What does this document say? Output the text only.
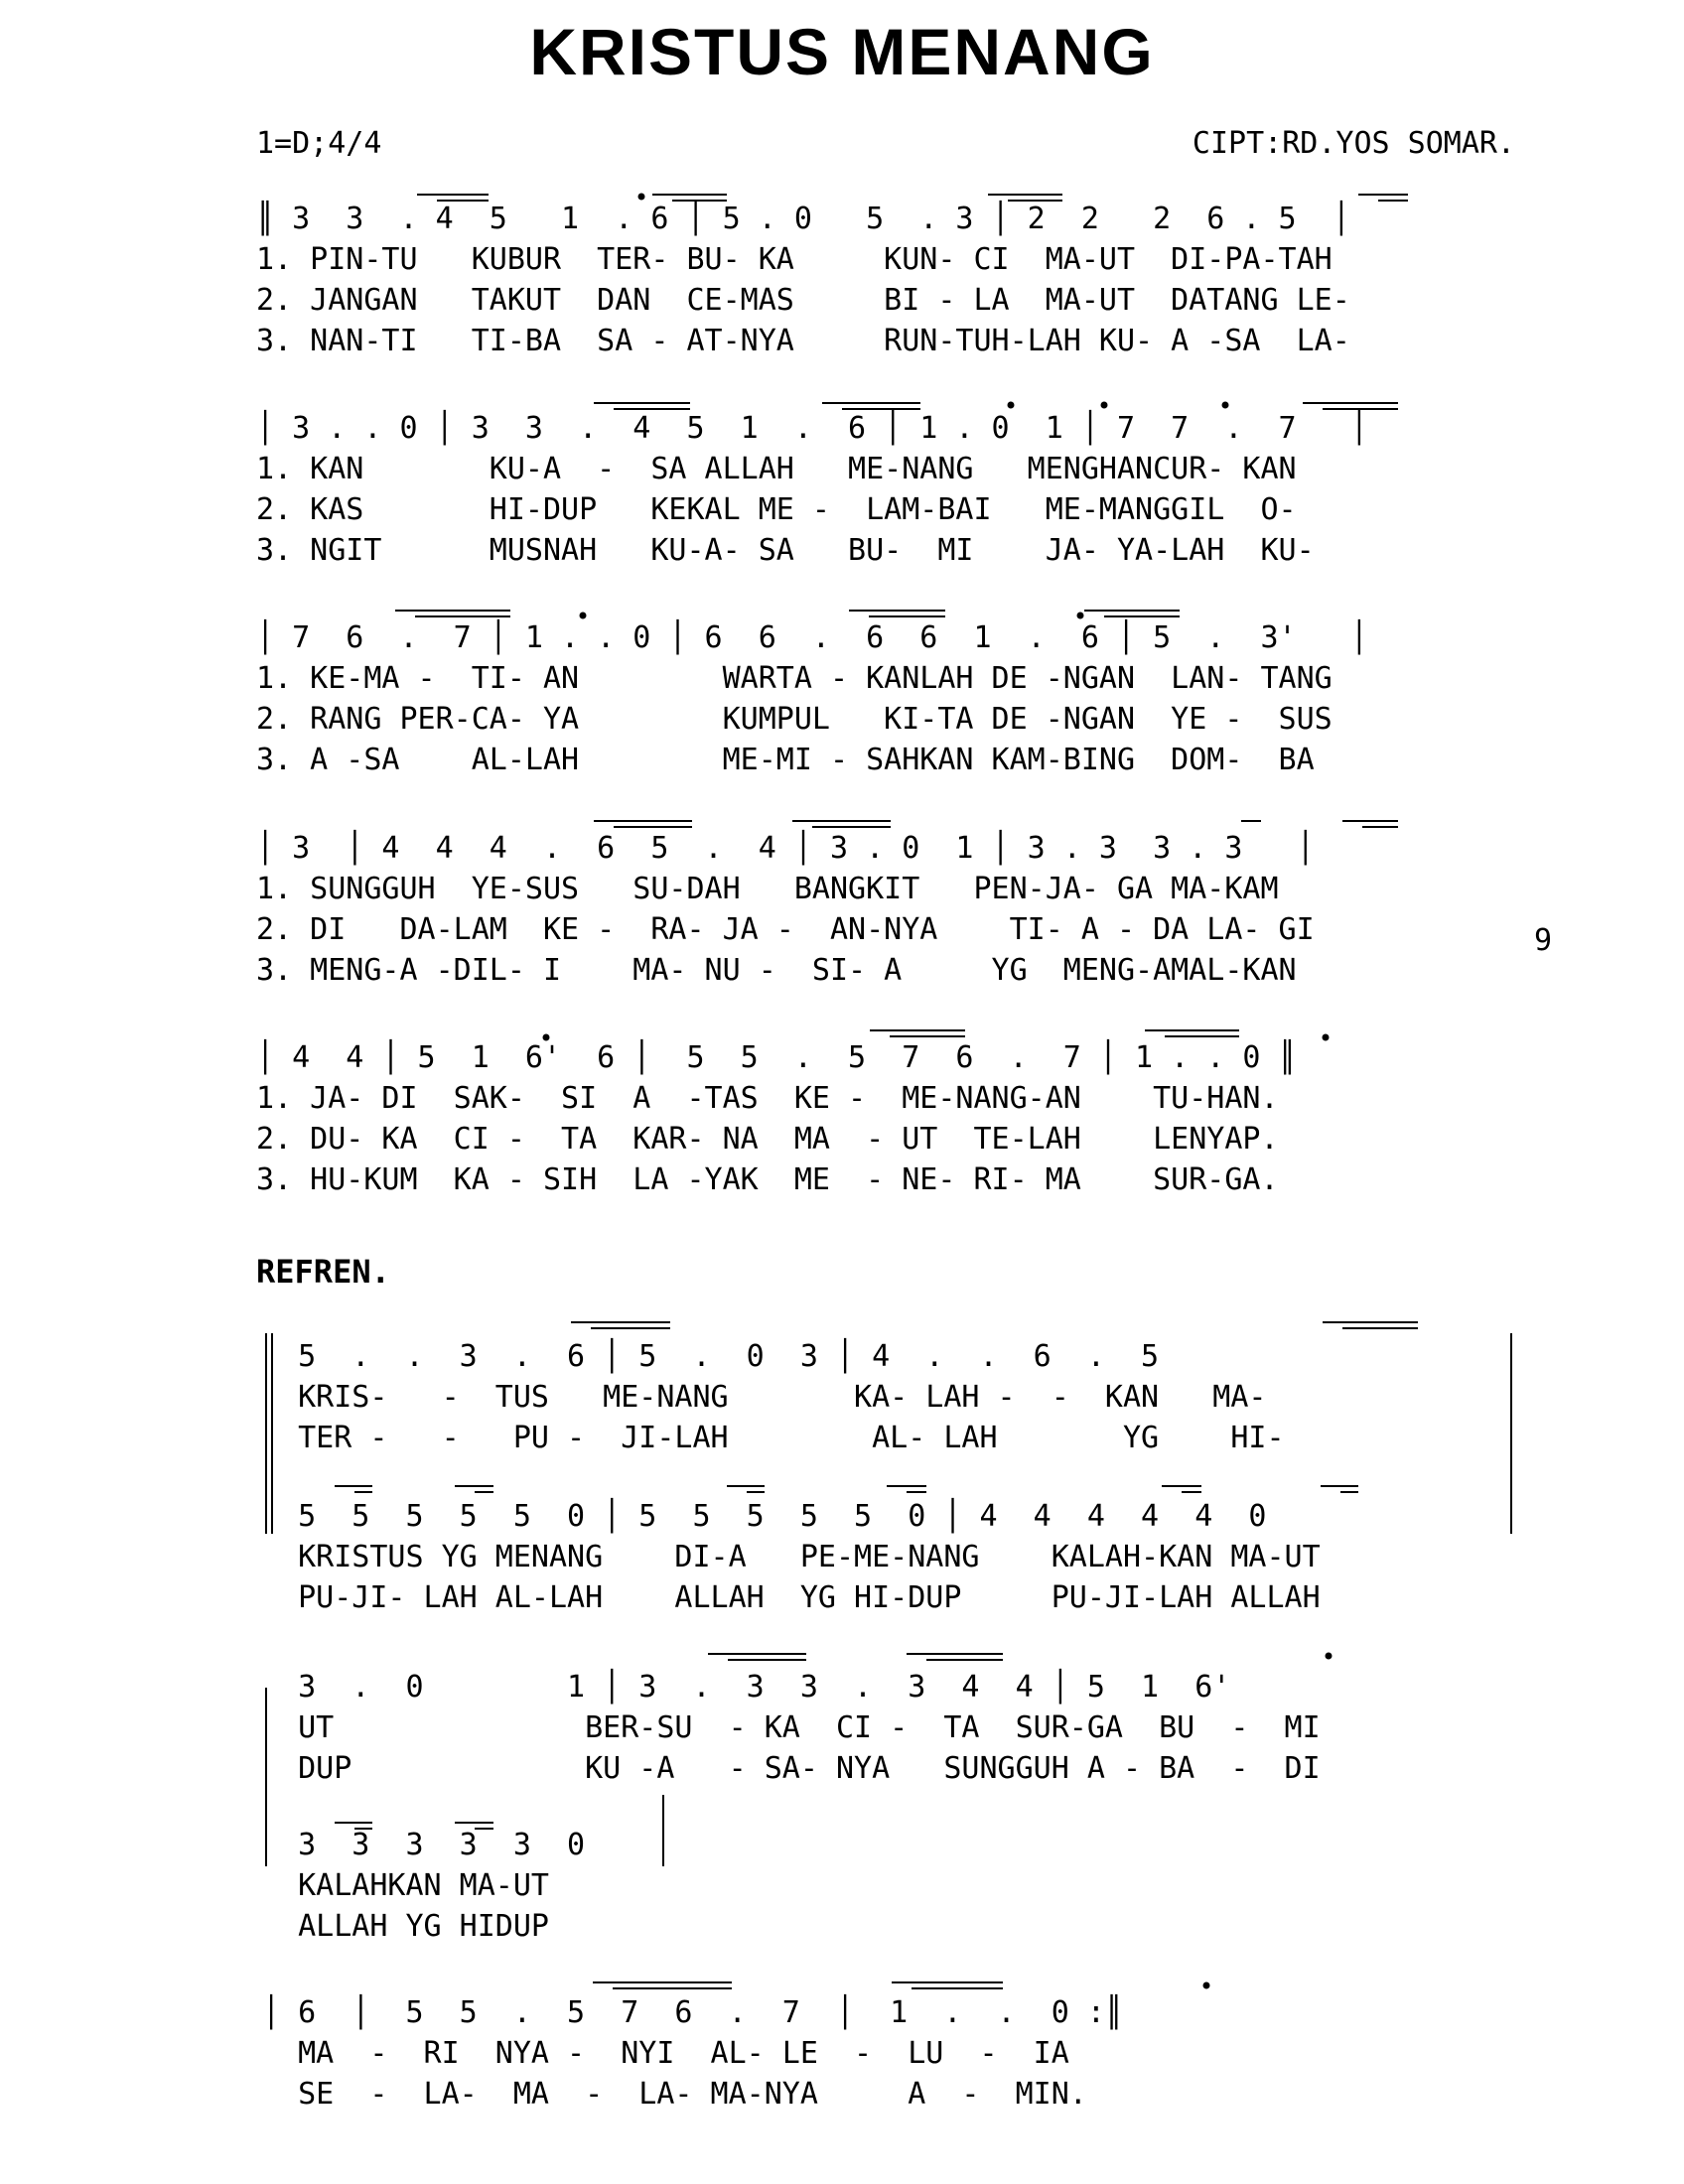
KRISTUS MENANG
1=D;4/4	CIPT:RD.YOS SOMAR.
REFREN.
9
║ 3  3  . 4  5   1  . 6 │ 5 . 0   5  . 3 │ 2  2   2  6 . 5  │
1. PIN-TU   KUBUR  TER- BU- KA     KUN- CI  MA-UT  DI-PA-TAH
2. JANGAN   TAKUT  DAN  CE-MAS     BI - LA  MA-UT  DATANG LE-
3. NAN-TI   TI-BA  SA - AT-NYA     RUN-TUH-LAH KU- A -SA  LA-
│ 3 . . 0 │ 3  3  .  4  5  1  .  6 │ 1 . 0  1 │ 7  7  .  7   │
1. KAN       KU-A  -  SA ALLAH   ME-NANG   MENGHANCUR- KAN
2. KAS       HI-DUP   KEKAL ME -  LAM-BAI   ME-MANGGIL  O-
3. NGIT      MUSNAH   KU-A- SA   BU-  MI    JA- YA-LAH  KU-
│ 7  6  .  7 │ 1 . . 0 │ 6  6  .  6  6  1  .  6 │ 5  .  3'   │
1. KE-MA -  TI- AN        WARTA - KANLAH DE -NGAN  LAN- TANG
2. RANG PER-CA- YA        KUMPUL   KI-TA DE -NGAN  YE -  SUS
3. A -SA    AL-LAH        ME-MI - SAHKAN KAM-BING  DOM-  BA
│ 3  │ 4  4  4  .  6  5  .  4 │ 3 . 0  1 │ 3 . 3  3 . 3   │
1. SUNGGUH  YE-SUS   SU-DAH   BANGKIT   PEN-JA- GA MA-KAM
2. DI   DA-LAM  KE -  RA- JA -  AN-NYA    TI- A - DA LA- GI
3. MENG-A -DIL- I    MA- NU -  SI- A     YG  MENG-AMAL-KAN
│ 4  4 │ 5  1  6'  6 │  5  5  .  5  7  6  .  7 │ 1 . . 0 ║
1. JA- DI  SAK-  SI  A  -TAS  KE -  ME-NANG-AN    TU-HAN.
2. DU- KA  CI -  TA  KAR- NA  MA  - UT  TE-LAH    LENYAP.
3. HU-KUM  KA - SIH  LA -YAK  ME  - NE- RI- MA    SUR-GA.
5  .  .  3  .  6 │ 5  .  0  3 │ 4  .  .  6  .  5
KRIS-   -  TUS   ME-NANG       KA- LAH -  -  KAN   MA-
TER -   -   PU -  JI-LAH        AL- LAH       YG    HI-
5  5  5  5  5  0 │ 5  5  5  5  5  0 │ 4  4  4  4  4  0
KRISTUS YG MENANG    DI-A   PE-ME-NANG    KALAH-KAN MA-UT
PU-JI- LAH AL-LAH    ALLAH  YG HI-DUP     PU-JI-LAH ALLAH
3  .  0        1 │ 3  .  3  3  .  3  4  4 │ 5  1  6'
UT              BER-SU  - KA  CI -  TA  SUR-GA  BU  -  MI
DUP             KU -A   - SA- NYA   SUNGGUH A - BA  -  DI
3  3  3  3  3  0
KALAHKAN MA-UT
ALLAH YG HIDUP
│ 6  │  5  5  .  5  7  6  .  7  │  1  .  .  0 :║
MA  -  RI  NYA -  NYI  AL- LE  -  LU  -  IA
SE  -  LA-  MA  -  LA- MA-NYA     A  -  MIN.
